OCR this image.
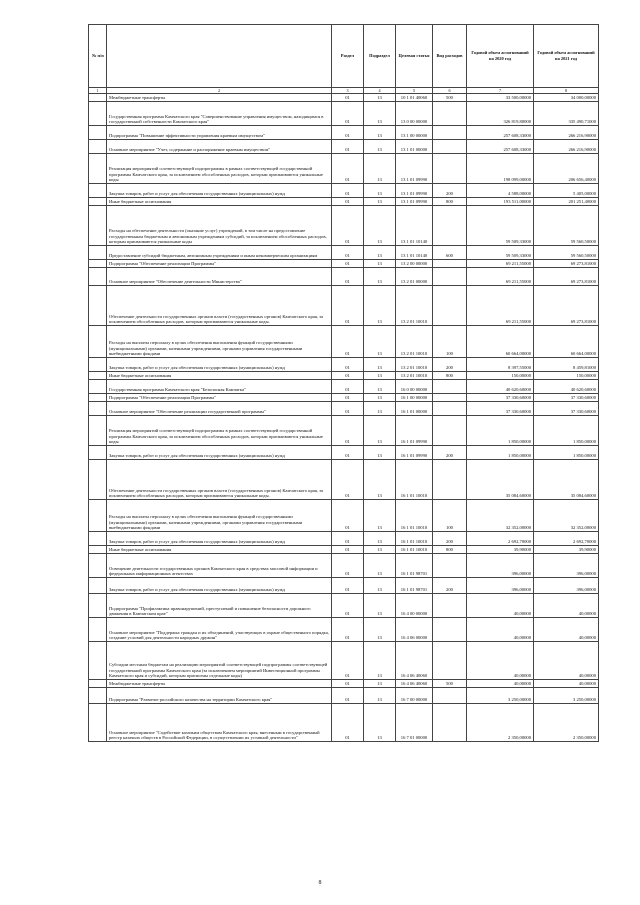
№ п/п		Раздел	Подраздел	Целевая статья	Вид расходов	Годовой объем ассигнований на 2020 год	Годовой объем ассигнований на 2021 год
1	2	3	4	5	6	7	8
	Межбюджетные трансферты	01	13	10 1 01 40060	500	33 500,00000	34 000,00000
	Государственная программа Камчатского края "Совершенствование управления имуществом, находящимся в государственной собственности Камчатского края"	01	13	13 0 00 00000		326 819,80000	335 490,71000
	Подпрограмма "Повышение эффективности управления краевым имуществом"	01	13	13 1 00 00000		257 608,33000	266 216,90000
	Основное мероприятие "Учет, содержание и распоряжение краевым имуществом"	01	13	13 1 01 00000		257 608,33000	266 216,90000
	Реализация мероприятий соответствующей подпрограммы в рамках соответствующей государственной программы Камчатского края, за исключением обособленных расходов, которым присваиваются уникальные коды	01	13	13 1 01 09990		198 099,00000	206 656,40000
	Закупка товаров, работ и услуг для обеспечения государственных (муниципальных) нужд	01	13	13 1 01 09990	200	4 588,00000	5 405,00000
	Иные бюджетные ассигнования	01	13	13 1 01 09990	800	193 511,00000	201 251,40000
	Расходы на обеспечение деятельности (оказание услуг) учреждений, в том числе на предоставление государственным бюджетным и автономным учреждениям субсидий, за исключением обособленных расходов, которым присваиваются уникальные коды	01	13	13 1 01 10140		59 509,33000	59 560,50000
	Предоставление субсидий бюджетным, автономным учреждениям и иным некоммерческим организациям	01	13	13 1 01 10140	600	59 509,33000	59 560,50000
	Подпрограмма "Обеспечение реализации Программы"	01	13	13 2 00 00000		69 211,55000	69 273,81000
	Основное мероприятие "Обеспечение деятельности Министерства"	01	13	13 2 01 00000		69 211,55000	69 273,81000
	Обеспечение деятельности государственных органов власти (государственных органов) Камчатского края, за исключением обособленных расходов, которым присваиваются уникальные коды.	01	13	13 2 01 10010		69 211,55000	69 273,81000
	Расходы на выплаты персоналу в целях обеспечения выполнения функций государственными (муниципальными) органами, казенными учреждениями, органами управления государственными внебюджетными фондами	01	13	13 2 01 10010	100	60 664,00000	60 664,00000
	Закупка товаров, работ и услуг для обеспечения государственных (муниципальных) нужд	01	13	13 2 01 10010	200	8 397,55000	8 459,81000
	Иные бюджетные ассигнования	01	13	13 2 01 10010	800	150,00000	150,00000
	Государственная программа Камчатского края "Безопасная Камчатка"	01	13	16 0 00 00000		40 620,60000	40 620,60000
	Подпрограмма "Обеспечение реализации Программы"	01	13	16 1 00 00000		37 330,60000	37 330,60000
	Основное мероприятие "Обеспечение реализации государственной программы"	01	13	16 1 01 00000		37 330,60000	37 330,60000
	Реализация мероприятий соответствующей подпрограммы в рамках соответствующей государственной программы Камчатского края, за исключением обособленных расходов, которым присваиваются уникальные коды	01	13	16 1 01 09990		1 850,00000	1 850,00000
	Закупка товаров, работ и услуг для обеспечения государственных (муниципальных) нужд	01	13	16 1 01 09990	200	1 850,00000	1 850,00000
	Обеспечение деятельности государственных органов власти (государственных органов) Камчатского края, за исключением обособленных расходов, которым присваиваются уникальные коды.	01	13	16 1 01 10010		35 084,60000	35 084,60000
	Расходы на выплаты персоналу в целях обеспечения выполнения функций государственными (муниципальными) органами, казенными учреждениями, органами управления государственными внебюджетными фондами	01	13	16 1 01 10010	100	32 352,00000	32 352,00000
	Закупка товаров, работ и услуг для обеспечения государственных (муниципальных) нужд	01	13	16 1 01 10010	200	2 692,70000	2 692,70000
	Иные бюджетные ассигнования	01	13	16 1 01 10010	800	39,90000	39,90000
	Освещение деятельности государственных органов Камчатского края в средствах массовой информации и федеральных информационных агентствах	01	13	16 1 01 98701		396,00000	396,00000
	Закупка товаров, работ и услуг для обеспечения государственных (муниципальных) нужд	01	13	16 1 01 98701	200	396,00000	396,00000
	Подпрограмма "Профилактика правонарушений, преступлений и повышение безопасности дорожного движения в Камчатском крае"	01	13	16 4 00 00000		40,00000	40,00000
	Основное мероприятие "Поддержка граждан и их объединений, участвующих в охране общественного порядка, создание условий для деятельности народных дружин"	01	13	16 4 06 00000		40,00000	40,00000
	Субсидии местным бюджетам на реализацию мероприятий соответствующей подпрограммы соответствующей государственной программы Камчатского края (за исключением мероприятий Инвестиционной программы Камчатского края и субсидий, которым присвоены отдельные коды)	01	13	16 4 06 40060		40,00000	40,00000
	Межбюджетные трансферты	01	13	16 4 06 40060	500	40,00000	40,00000
	Подпрограмма "Развитие российского казачества на территории Камчатского края"	01	13	16 7 00 00000		3 250,00000	3 250,00000
	Основное мероприятие "Содействие казачьим обществам Камчатского края, внесенным в государственный реестр казачьих обществ в Российской Федерации, в осуществлении их уставной деятельности"	01	13	16 7 01 00000		2 350,00000	2 350,00000
8
